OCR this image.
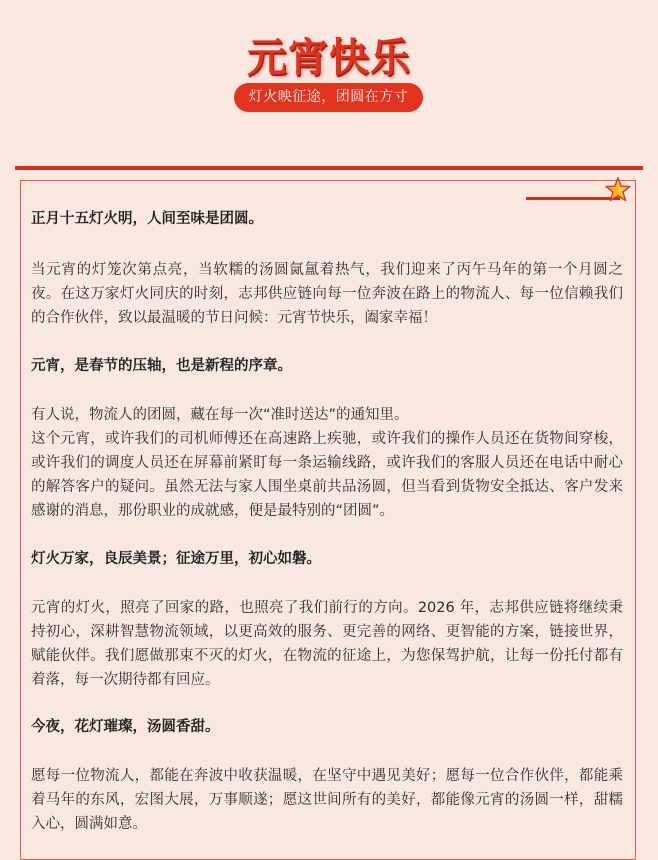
元宵快乐
灯火映征途，团圆在方寸

正月十五灯火明，人间至味是团圆。

当元宵的灯笼次第点亮，当软糯的汤圆氤氲着热气，我们迎来了丙午马年的第一个月圆之夜。在这万家灯火同庆的时刻，志邦供应链向每一位奔波在路上的物流人、每一位信赖我们的合作伙伴，致以最温暖的节日问候：元宵节快乐，阖家幸福！

元宵，是春节的压轴，也是新程的序章。

有人说，物流人的团圆，藏在每一次“准时送达”的通知里。

这个元宵，或许我们的司机师傅还在高速路上疾驰，或许我们的操作人员还在货物间穿梭，或许我们的调度人员还在屏幕前紧盯每一条运输线路，或许我们的客服人员还在电话中耐心的解答客户的疑问。虽然无法与家人围坐桌前共品汤圆，但当看到货物安全抵达、客户发来感谢的消息，那份职业的成就感，便是最特别的“团圆”。

灯火万家，良辰美景；征途万里，初心如磐。

元宵的灯火，照亮了回家的路，也照亮了我们前行的方向。2026 年，志邦供应链将继续秉持初心，深耕智慧物流领域，以更高效的服务、更完善的网络、更智能的方案，链接世界，赋能伙伴。我们愿做那束不灭的灯火，在物流的征途上，为您保驾护航，让每一份托付都有着落，每一次期待都有回应。

今夜，花灯璀璨，汤圆香甜。

愿每一位物流人，都能在奔波中收获温暖，在坚守中遇见美好；愿每一位合作伙伴，都能乘着马年的东风，宏图大展，万事顺遂；愿这世间所有的美好，都能像元宵的汤圆一样，甜糯入心，圆满如意。
